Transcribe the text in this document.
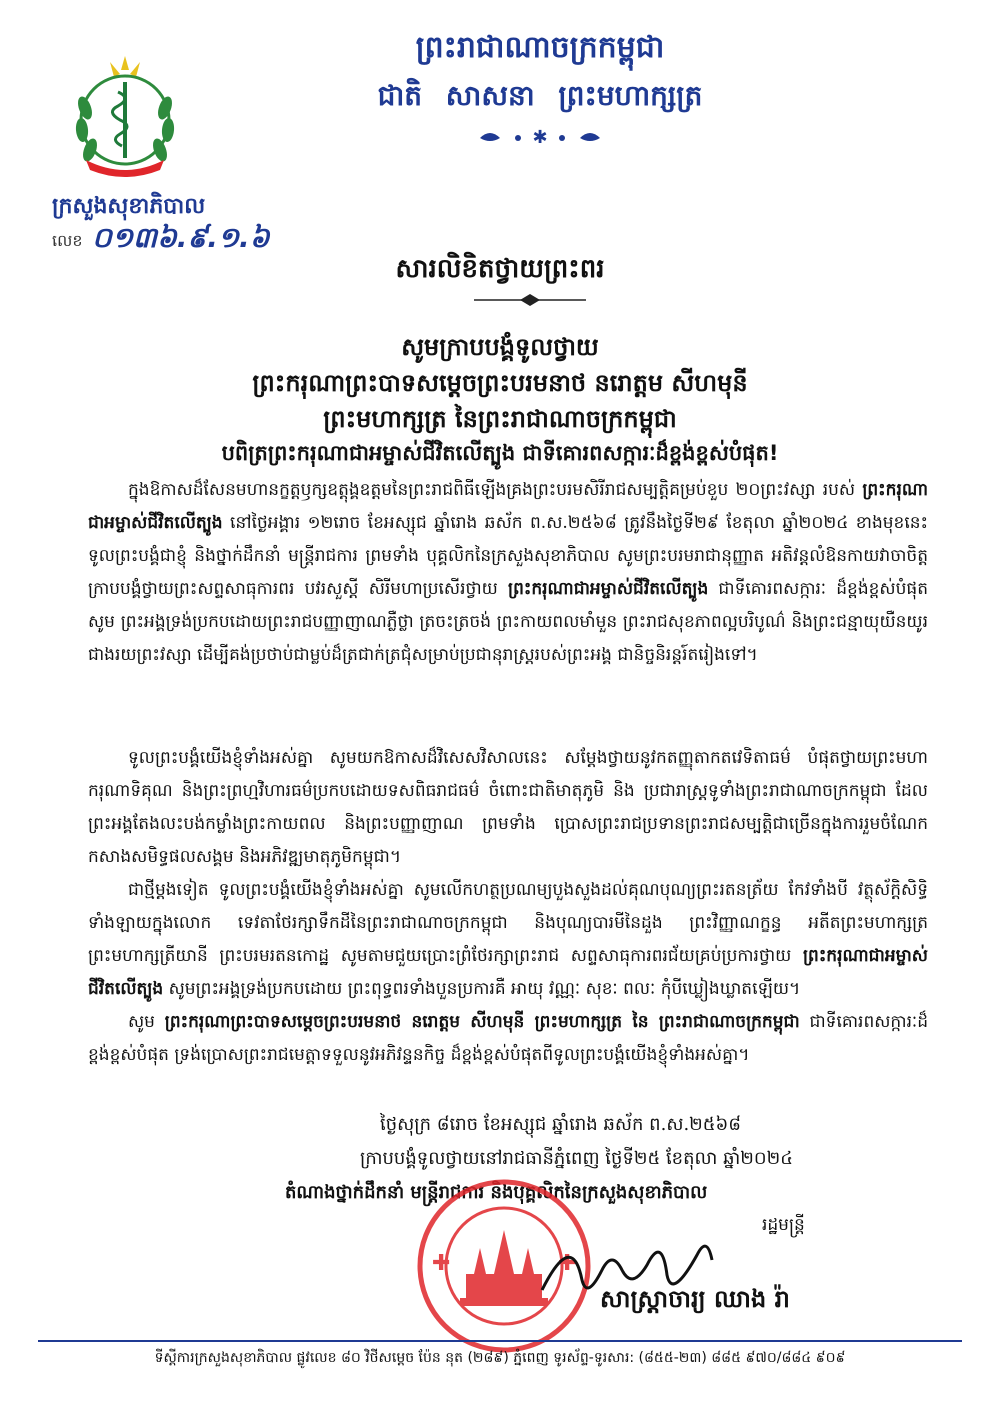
ព្រះរាជាណាចក្រកម្ពុជា
ជាតិ សាសនា ព្រះមហាក្សត្រ
✱
ក្រសួងសុខាភិបាល
លេខ ០១៣៦.៩.១.៦
សារលិខិតថ្វាយព្រះពរ
សូមក្រាបបង្គំទូលថ្វាយ
ព្រះករុណាព្រះបាទសម្តេចព្រះបរមនាថ នរោត្តម សីហមុនី
ព្រះមហាក្សត្រ នៃព្រះរាជាណាចក្រកម្ពុជា
បពិត្រព្រះករុណាជាអម្ចាស់ជីវិតលើត្បូង ជាទីគោរពសក្ការៈដ៏ខ្ពង់ខ្ពស់បំផុត!
ក្នុងឱកាសដ៏សែនមហានក្ខត្តឫក្សឧត្តុង្គឧត្តមនៃព្រះរាជពិធីឡើងគ្រងព្រះបរមសិរីរាជសម្បត្តិគម្រប់ខួប ២០ព្រះវស្សា របស់ ព្រះករុណាជាអម្ចាស់ជីវិតលើត្បូង នៅថ្ងៃអង្គារ ១២រោច ខែអស្សុជ ឆ្នាំរោង ឆស័ក ព.ស.២៥៦៨ ត្រូវនឹងថ្ងៃទី២៩ ខែតុលា ឆ្នាំ២០២៤ ខាងមុខនេះ ទូលព្រះបង្គំជាខ្ញុំ និងថ្នាក់ដឹកនាំ មន្ត្រីរាជការ ព្រមទាំង បុគ្គលិកនៃក្រសួងសុខាភិបាល សូមព្រះបរមរាជានុញ្ញាត អតិវន្តលំឱនកាយវាចាចិត្ត ក្រាបបង្គំថ្វាយព្រះសព្ទសាធុការពរ បវរសួស្តី សិរីមហាប្រសើរថ្វាយ ព្រះករុណាជាអម្ចាស់ជីវិតលើត្បូង ជាទីគោរពសក្ការៈ ដ៏ខ្ពង់ខ្ពស់បំផុត សូម ព្រះអង្គទ្រង់ប្រកបដោយព្រះរាជបញ្ញាញាណភ្លឺថ្លា ត្រចះត្រចង់ ព្រះកាយពលមាំមួន ព្រះរាជសុខភាពល្អបរិបូណ៌ និងព្រះជន្មាយុយឺនយូរជាងរយព្រះវស្សា ដើម្បីគង់ប្រថាប់ជាម្លប់ដ៏ត្រជាក់ត្រជុំសម្រាប់ប្រជានុរាស្ត្ររបស់ព្រះអង្គ ជានិច្ចនិរន្តរ៍តរៀងទៅ។
ទូលព្រះបង្គំយើងខ្ញុំទាំងអស់គ្នា សូមយកឱកាសដ៏វិសេសវិសាលនេះ សម្តែងថ្វាយនូវកតញ្ញុតាកតវេទិតាធម៌ បំផុតថ្វាយព្រះមហាករុណាទិគុណ និងព្រះព្រហ្មវិហារធម៌ប្រកបដោយទសពិធរាជធម៌ ចំពោះជាតិមាតុភូមិ និង ប្រជារាស្ត្រទូទាំងព្រះរាជាណាចក្រកម្ពុជា ដែលព្រះអង្គតែងលះបង់កម្លាំងព្រះកាយពល និងព្រះបញ្ញាញាណ ព្រមទាំង ប្រោសព្រះរាជប្រទានព្រះរាជសម្បត្តិជាច្រើនក្នុងការរួមចំណែកកសាងសមិទ្ធផលសង្គម និងអភិវឌ្ឍមាតុភូមិកម្ពុជា។
ជាថ្មីម្តងទៀត ទូលព្រះបង្គំយើងខ្ញុំទាំងអស់គ្នា សូមលើកហត្ថប្រណម្យបួងសួងដល់គុណបុណ្យព្រះរតនត្រ័យ កែវទាំងបី វត្ថុស័ក្តិសិទ្ធិទាំងឡាយក្នុងលោក ទេវតាថែរក្សាទឹកដីនៃព្រះរាជាណាចក្រកម្ពុជា និងបុណ្យបារមីនៃដួង ព្រះវិញ្ញាណក្ខន្ធ អតីតព្រះមហាក្សត្រ ព្រះមហាក្សត្រីយានី ព្រះបរមរតនកោដ្ឋ សូមតាមជួយប្រោះព្រំថែរក្សាព្រះរាជ សព្ទសាធុការពរជ័យគ្រប់ប្រការថ្វាយ ព្រះករុណាជាអម្ចាស់ជីវិតលើត្បូង សូមព្រះអង្គទ្រង់ប្រកបដោយ ព្រះពុទ្ធពរទាំងបួនប្រការគឺ អាយុ វណ្ណៈ សុខៈ ពលៈ កុំបីឃ្លៀងឃ្លាតឡើយ។
សូម ព្រះករុណាព្រះបាទសម្តេចព្រះបរមនាថ នរោត្តម សីហមុនី ព្រះមហាក្សត្រ នៃ ព្រះរាជាណាចក្រកម្ពុជា ជាទីគោរពសក្ការៈដ៏ខ្ពង់ខ្ពស់បំផុត ទ្រង់ប្រោសព្រះរាជមេត្តាទទួលនូវអភិវន្ទនកិច្ច ដ៏ខ្ពង់ខ្ពស់បំផុតពីទូលព្រះបង្គំយើងខ្ញុំទាំងអស់គ្នា។
ថ្ងៃសុក្រ ៨រោច ខែអស្សុជ ឆ្នាំរោង ឆស័ក ព.ស.២៥៦៨
ក្រាបបង្គំទូលថ្វាយនៅរាជធានីភ្នំពេញ ថ្ងៃទី២៥ ខែតុលា ឆ្នាំ២០២៤
តំណាងថ្នាក់ដឹកនាំ មន្ត្រីរាជការ និងបុគ្គលិកនៃក្រសួងសុខាភិបាល
រដ្ឋមន្ត្រី
✚	✚
សាស្ត្រាចារ្យ ឈាង រ៉ា
ទីស្តីការក្រសួងសុខាភិបាល ផ្លូវលេខ ៨០ វិថីសម្តេច ប៉ែន នុត (២៨៩) ភ្នំពេញ ទូរស័ព្ទ-ទូរសារ: (៨៥៥-២៣) ៨៨៥ ៩៧០/៨៨៤ ៩០៩
